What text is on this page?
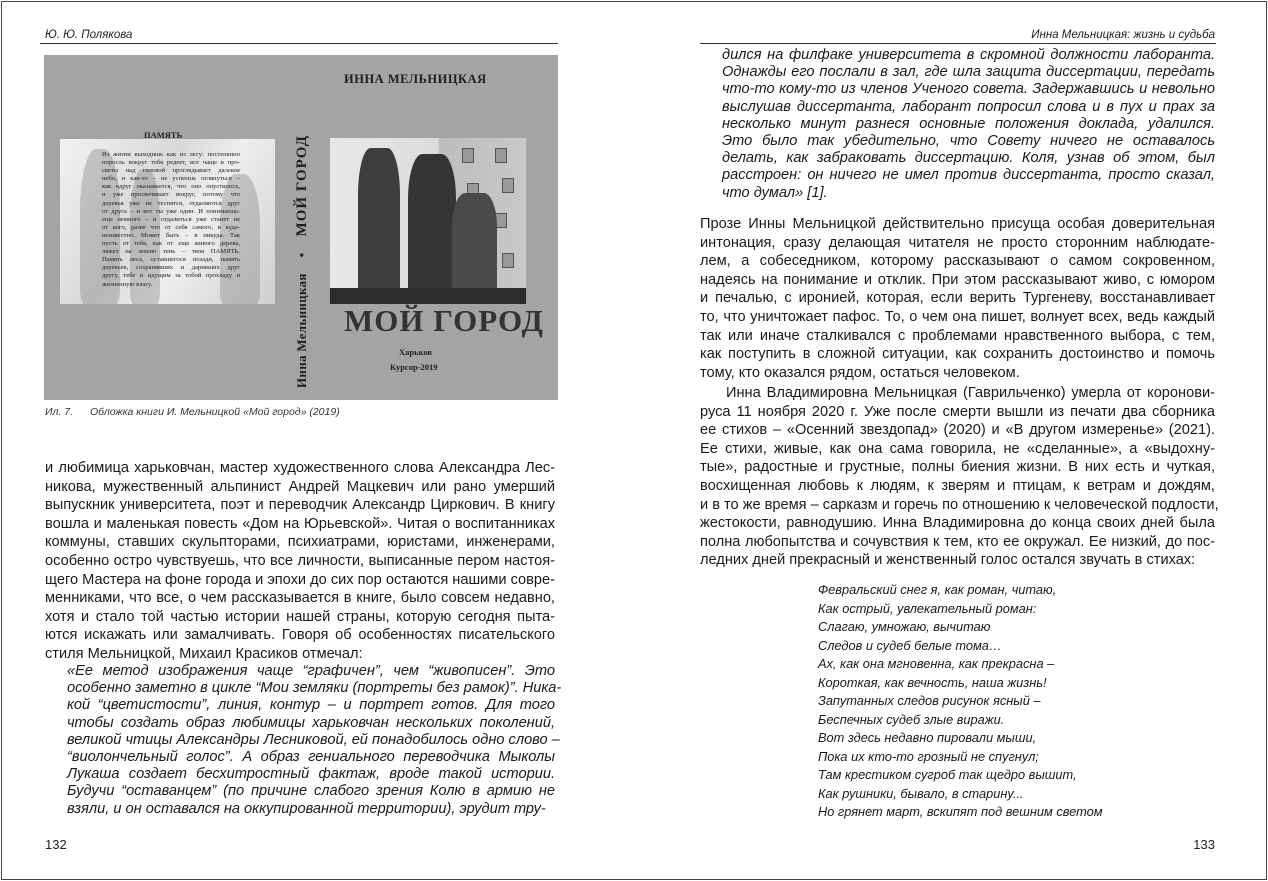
Ю. Ю. Полякова
ПАМЯТЬ
Из жизни выходишь как из лесу: постепенно
поросль вокруг тебя редеет, все чаще в про-
светы над головой проглядывает далекое
небо, и как-то – не успеешь оглянуться –
как вдруг оказывается, что оно опустилось,
и уже просвечивает вокруг, потому что
деревья уже не теснятся, отдаляются друг
от друга – и вот ты уже один. И понимаешь:
еще немного – и отдалиться уже станет не
от кого, разве что от себя самого, в куда-
неизвестно. Может быть – в никуда. Так
пусть от тебя, как от еще живого дерева,
ляжет на землю тень – твоя ПАМЯТЬ.
Память леса, оставшегося позади, память
деревьев, сохранявших и даривших друг
другу, тебе и идущим за тобой прохладу и
жизненную влагу.	Инна Мельницкая•МОЙ ГОРОД
ИННА МЕЛЬНИЦКАЯ
МОЙ ГОРОД
Харьков
Курсор-2019
Ил. 7. Обложка книги И. Мельницкой «Мой город» (2019)
и любимица харьковчан, мастер художественного слова Александра Лес-
никова, мужественный альпинист Андрей Мацкевич или рано умерший
выпускник университета, поэт и переводчик Александр Циркович. В книгу
вошла и маленькая повесть «Дом на Юрьевской». Читая о воспитанниках
коммуны, ставших скульпторами, психиатрами, юристами, инженерами,
особенно остро чувствуешь, что все личности, выписанные пером настоя-
щего Мастера на фоне города и эпохи до сих пор остаются нашими совре-
менниками, что все, о чем рассказывается в книге, было совсем недавно,
хотя и стало той частью истории нашей страны, которую сегодня пыта-
ются искажать или замалчивать. Говоря об особенностях писательского
стиля Мельницкой, Михаил Красиков отмечал:
«Ее метод изображения чаще “графичен”, чем “живописен”. Это
особенно заметно в цикле “Мои земляки (портреты без рамок)”. Ника-
кой “цветистости”, линия, контур – и портрет готов. Для того
чтобы создать образ любимицы харьковчан нескольких поколений,
великой чтицы Александры Лесниковой, ей понадобилось одно слово –
“виолончельный голос”. А образ гениального переводчика Мыколы
Лукаша создает бесхитростный фактаж, вроде такой истории.
Будучи “оставанцем” (по причине слабого зрения Колю в армию не
взяли, и он оставался на оккупированной территории), эрудит тру-
132
Инна Мельницкая: жизнь и судьба
дился на филфаке университета в скромной должности лаборанта.
Однажды его послали в зал, где шла защита диссертации, передать
что-то кому-то из членов Ученого совета. Задержавшись и невольно
выслушав диссертанта, лаборант попросил слова и в пух и прах за
несколько минут разнеся основные положения доклада, удалился.
Это было так убедительно, что Совету ничего не оставалось
делать, как забраковать диссертацию. Коля, узнав об этом, был
расстроен: он ничего не имел против диссертанта, просто сказал,
что думал» [1].
Прозе Инны Мельницкой действительно присуща особая доверительная
интонация, сразу делающая читателя не просто сторонним наблюдате-
лем, а собеседником, которому рассказывают о самом сокровенном,
надеясь на понимание и отклик. При этом рассказывают живо, с юмором
и печалью, с иронией, которая, если верить Тургеневу, восстанавливает
то, что уничтожает пафос. То, о чем она пишет, волнует всех, ведь каждый
так или иначе сталкивался с проблемами нравственного выбора, с тем,
как поступить в сложной ситуации, как сохранить достоинство и помочь
тому, кто оказался рядом, остаться человеком.
Инна Владимировна Мельницкая (Гаврильченко) умерла от коронови-
руса 11 ноября 2020 г. Уже после смерти вышли из печати два сборника
ее стихов – «Осенний звездопад» (2020) и «В другом измеренье» (2021).
Ее стихи, живые, как она сама говорила, не «сделанные», а «выдохну-
тые», радостные и грустные, полны биения жизни. В них есть и чуткая,
восхищенная любовь к людям, к зверям и птицам, к ветрам и дождям,
и в то же время – сарказм и горечь по отношению к человеческой подлости,
жестокости, равнодушию. Инна Владимировна до конца своих дней была
полна любопытства и сочувствия к тем, кто ее окружал. Ее низкий, до пос-
ледних дней прекрасный и женственный голос остался звучать в стихах:
Февральский снег я, как роман, читаю,
Как острый, увлекательный роман:
Слагаю, умножаю, вычитаю
Следов и судеб белые тома…
Ах, как она мгновенна, как прекрасна –
Короткая, как вечность, наша жизнь!
Запутанных следов рисунок ясный –
Беспечных судеб злые виражи.
Вот здесь недавно пировали мыши,
Пока их кто-то грозный не спугнул;
Там крестиком сугроб так щедро вышит,
Как рушники, бывало, в старину...
Но грянет март, вскипят под вешним светом
133
